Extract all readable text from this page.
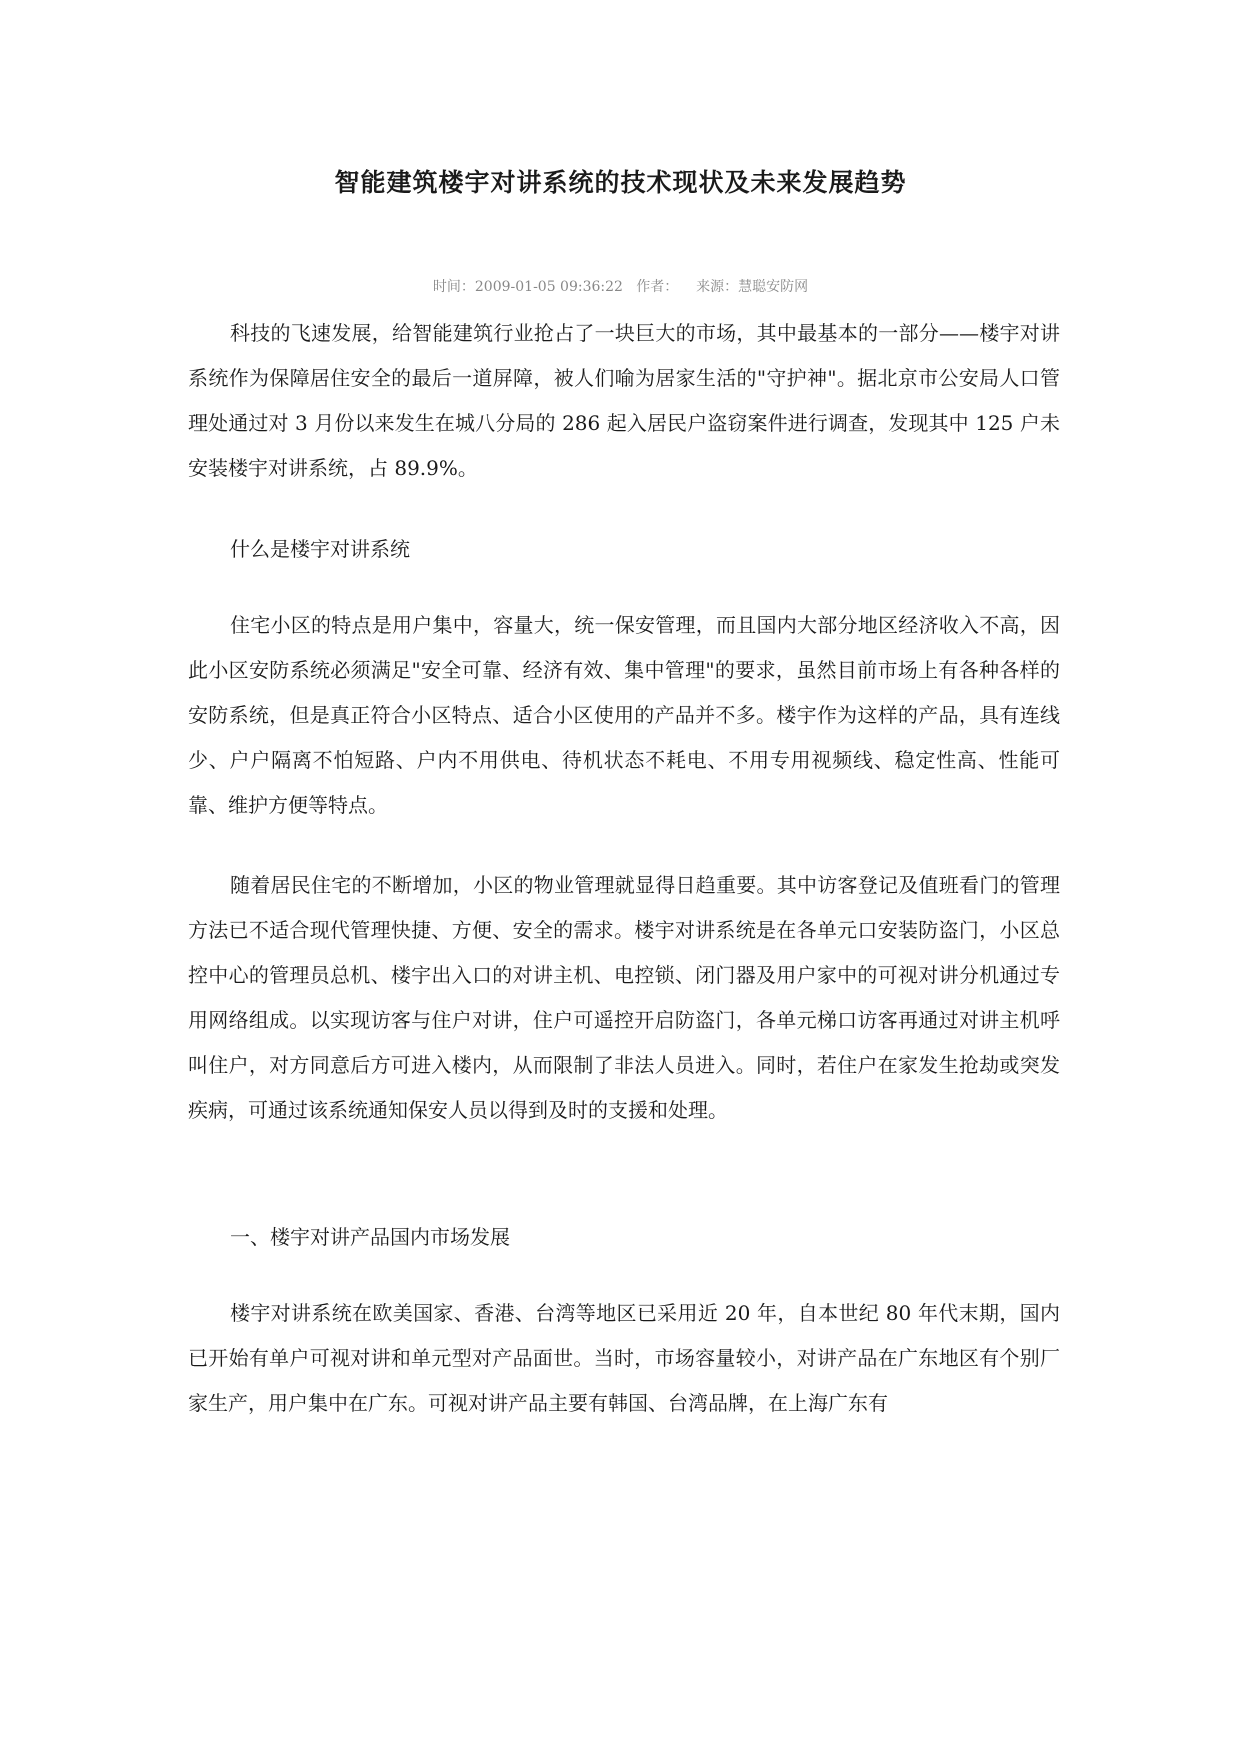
智能建筑楼宇对讲系统的技术现状及未来发展趋势

时间：2009-01-05 09:36:22 作者： 来源：慧聪安防网

科技的飞速发展，给智能建筑行业抢占了一块巨大的市场，其中最基本的一部分——楼宇对讲系统作为保障居住安全的最后一道屏障，被人们喻为居家生活的"守护神"。据北京市公安局人口管理处通过对 3 月份以来发生在城八分局的 286 起入居民户盗窃案件进行调查，发现其中 125 户未安装楼宇对讲系统，占 89.9%。

什么是楼宇对讲系统

住宅小区的特点是用户集中，容量大，统一保安管理，而且国内大部分地区经济收入不高，因此小区安防系统必须满足"安全可靠、经济有效、集中管理"的要求，虽然目前市场上有各种各样的安防系统，但是真正符合小区特点、适合小区使用的产品并不多。楼宇作为这样的产品，具有连线少、户户隔离不怕短路、户内不用供电、待机状态不耗电、不用专用视频线、稳定性高、性能可靠、维护方便等特点。

随着居民住宅的不断增加，小区的物业管理就显得日趋重要。其中访客登记及值班看门的管理方法已不适合现代管理快捷、方便、安全的需求。楼宇对讲系统是在各单元口安装防盗门，小区总控中心的管理员总机、楼宇出入口的对讲主机、电控锁、闭门器及用户家中的可视对讲分机通过专用网络组成。以实现访客与住户对讲，住户可遥控开启防盗门，各单元梯口访客再通过对讲主机呼叫住户，对方同意后方可进入楼内，从而限制了非法人员进入。同时，若住户在家发生抢劫或突发疾病，可通过该系统通知保安人员以得到及时的支援和处理。

一、楼宇对讲产品国内市场发展

楼宇对讲系统在欧美国家、香港、台湾等地区已采用近 20 年，自本世纪 80 年代末期，国内已开始有单户可视对讲和单元型对产品面世。当时，市场容量较小，对讲产品在广东地区有个别厂家生产，用户集中在广东。可视对讲产品主要有韩国、台湾品牌，在上海广东有
